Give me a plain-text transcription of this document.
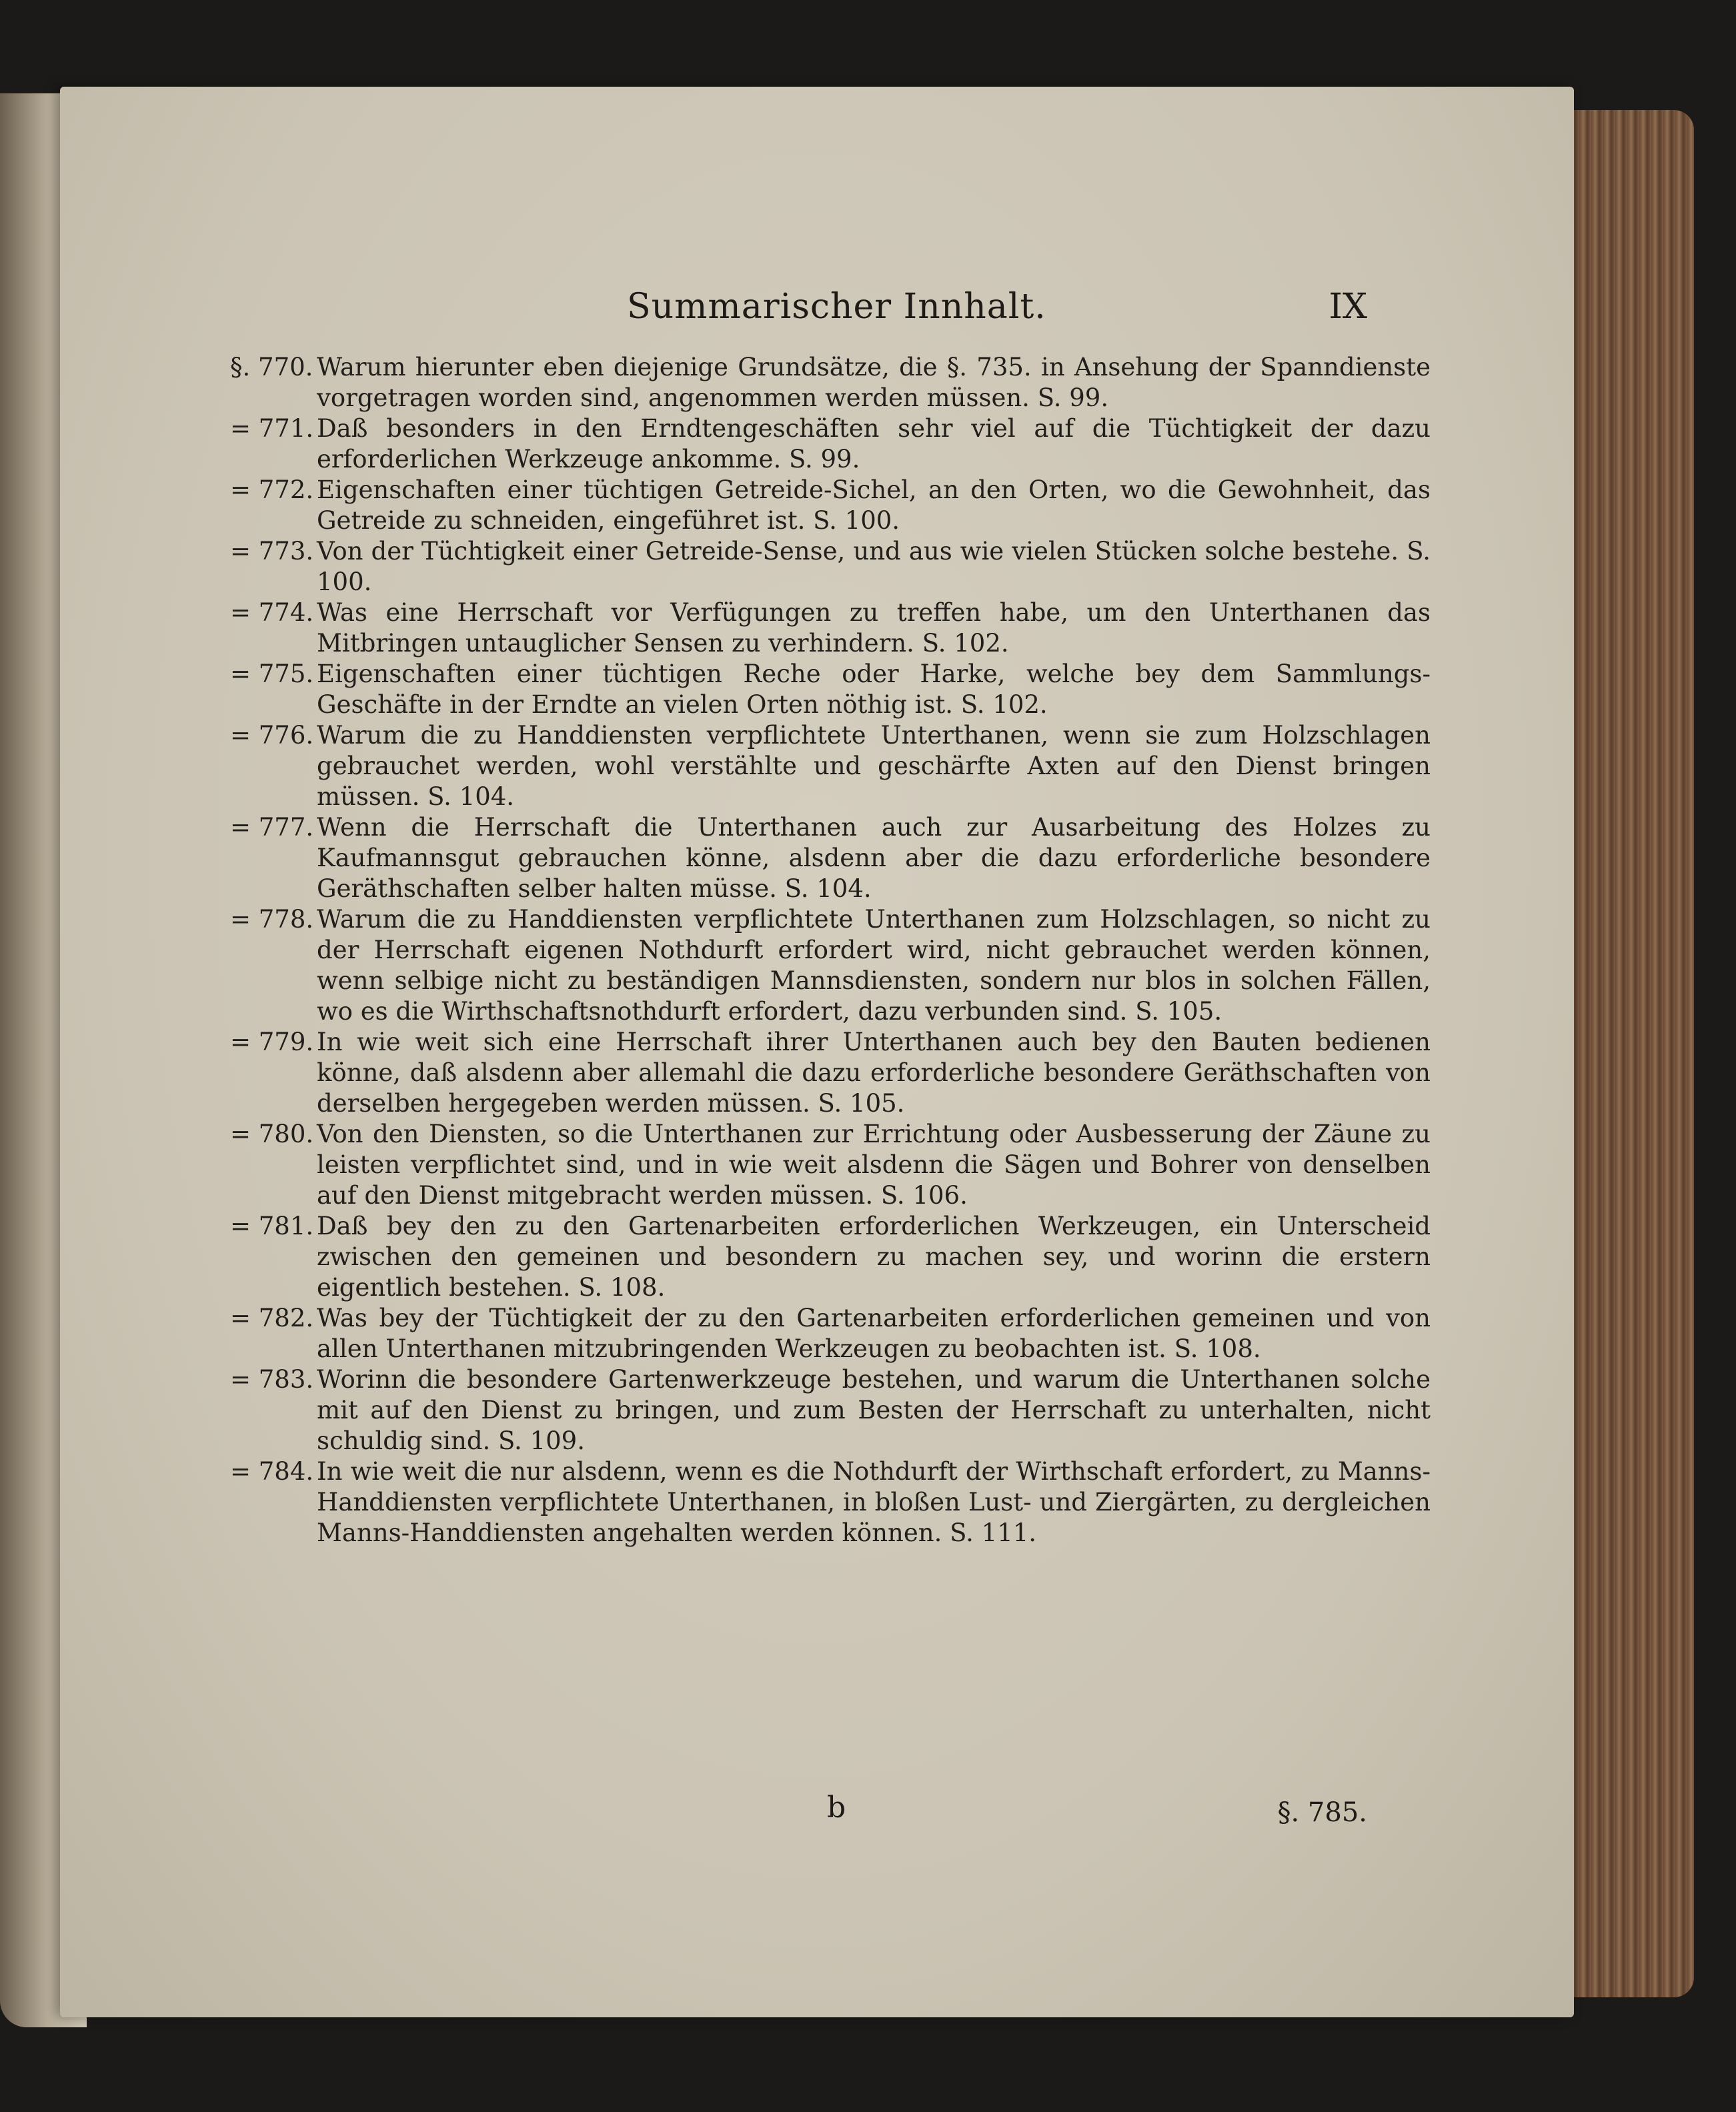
Summarischer Innhalt.	IX
§. 770. Warum hierunter eben diejenige Grundsätze, die §. 735. in Ansehung der Spanndienste vorgetragen worden sind, angenommen werden müssen. S. 99.
= 771. Daß besonders in den Erndtengeschäften sehr viel auf die Tüchtigkeit der dazu erforderlichen Werkzeuge ankomme. S. 99.
= 772. Eigenschaften einer tüchtigen Getreide-Sichel, an den Orten, wo die Gewohnheit, das Getreide zu schneiden, eingeführet ist. S. 100.
= 773. Von der Tüchtigkeit einer Getreide-Sense, und aus wie vielen Stücken solche bestehe. S. 100.
= 774. Was eine Herrschaft vor Verfügungen zu treffen habe, um den Unterthanen das Mitbringen untauglicher Sensen zu verhindern. S. 102.
= 775. Eigenschaften einer tüchtigen Reche oder Harke, welche bey dem Sammlungs-Geschäfte in der Erndte an vielen Orten nöthig ist. S. 102.
= 776. Warum die zu Handdiensten verpflichtete Unterthanen, wenn sie zum Holzschlagen gebrauchet werden, wohl verstählte und geschärfte Axten auf den Dienst bringen müssen. S. 104.
= 777. Wenn die Herrschaft die Unterthanen auch zur Ausarbeitung des Holzes zu Kaufmannsgut gebrauchen könne, alsdenn aber die dazu erforderliche besondere Geräthschaften selber halten müsse. S. 104.
= 778. Warum die zu Handdiensten verpflichtete Unterthanen zum Holzschlagen, so nicht zu der Herrschaft eigenen Nothdurft erfordert wird, nicht gebrauchet werden können, wenn selbige nicht zu beständigen Mannsdiensten, sondern nur blos in solchen Fällen, wo es die Wirthschaftsnothdurft erfordert, dazu verbunden sind. S. 105.
= 779. In wie weit sich eine Herrschaft ihrer Unterthanen auch bey den Bauten bedienen könne, daß alsdenn aber allemahl die dazu erforderliche besondere Geräthschaften von derselben hergegeben werden müssen. S. 105.
= 780. Von den Diensten, so die Unterthanen zur Errichtung oder Ausbesserung der Zäune zu leisten verpflichtet sind, und in wie weit alsdenn die Sägen und Bohrer von denselben auf den Dienst mitgebracht werden müssen. S. 106.
= 781. Daß bey den zu den Gartenarbeiten erforderlichen Werkzeugen, ein Unterscheid zwischen den gemeinen und besondern zu machen sey, und worinn die erstern eigentlich bestehen. S. 108.
= 782. Was bey der Tüchtigkeit der zu den Gartenarbeiten erforderlichen gemeinen und von allen Unterthanen mitzubringenden Werkzeugen zu beobachten ist. S. 108.
= 783. Worinn die besondere Gartenwerkzeuge bestehen, und warum die Unterthanen solche mit auf den Dienst zu bringen, und zum Besten der Herrschaft zu unterhalten, nicht schuldig sind. S. 109.
= 784. In wie weit die nur alsdenn, wenn es die Nothdurft der Wirthschaft erfordert, zu Manns-Handdiensten verpflichtete Unterthanen, in bloßen Lust- und Ziergärten, zu dergleichen Manns-Handdiensten angehalten werden können. S. 111.
b	§. 785.
